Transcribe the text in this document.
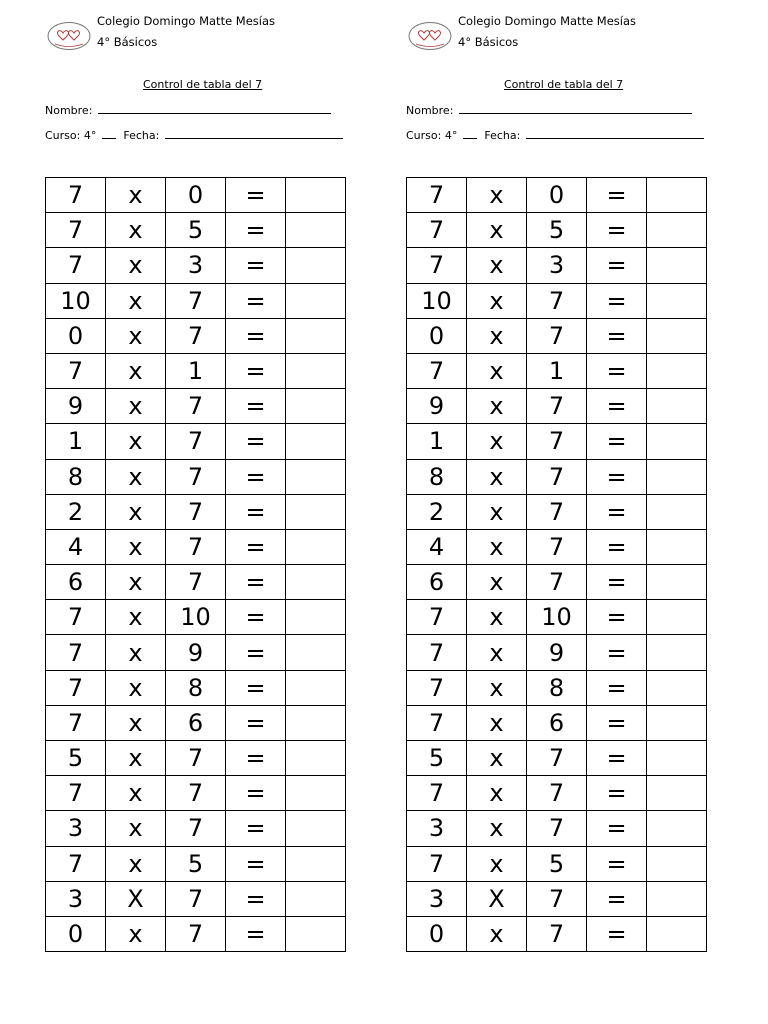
Colegio Domingo Matte Mesías
4° Básicos
Control de tabla del 7
Nombre:
Curso: 4° Fecha:
7	x	0	=	
7	x	5	=	
7	x	3	=	
10	x	7	=	
0	x	7	=	
7	x	1	=	
9	x	7	=	
1	x	7	=	
8	x	7	=	
2	x	7	=	
4	x	7	=	
6	x	7	=	
7	x	10	=	
7	x	9	=	
7	x	8	=	
7	x	6	=	
5	x	7	=	
7	x	7	=	
3	x	7	=	
7	x	5	=	
3	X	7	=	
0	x	7	=	
Colegio Domingo Matte Mesías
4° Básicos
Control de tabla del 7
Nombre:
Curso: 4° Fecha:
7	x	0	=	
7	x	5	=	
7	x	3	=	
10	x	7	=	
0	x	7	=	
7	x	1	=	
9	x	7	=	
1	x	7	=	
8	x	7	=	
2	x	7	=	
4	x	7	=	
6	x	7	=	
7	x	10	=	
7	x	9	=	
7	x	8	=	
7	x	6	=	
5	x	7	=	
7	x	7	=	
3	x	7	=	
7	x	5	=	
3	X	7	=	
0	x	7	=	
